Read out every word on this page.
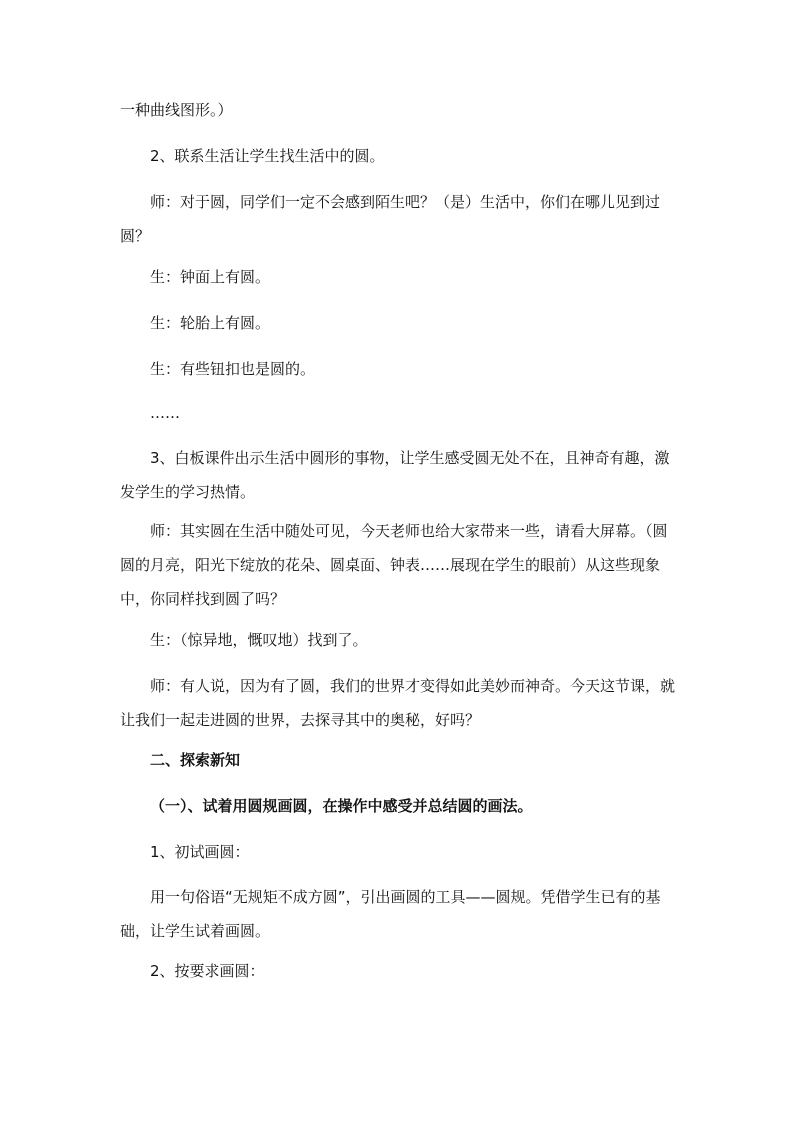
一种曲线图形。）

2、联系生活让学生找生活中的圆。

师：对于圆，同学们一定不会感到陌生吧？（是）生活中，你们在哪儿见到过圆？

生：钟面上有圆。

生：轮胎上有圆。

生：有些钮扣也是圆的。

……

3、白板课件出示生活中圆形的事物，让学生感受圆无处不在，且神奇有趣，激发学生的学习热情。

师：其实圆在生活中随处可见，今天老师也给大家带来一些，请看大屏幕。（圆圆的月亮，阳光下绽放的花朵、圆桌面、钟表……展现在学生的眼前）从这些现象中，你同样找到圆了吗？

生：（惊异地，慨叹地）找到了。

师：有人说，因为有了圆，我们的世界才变得如此美妙而神奇。今天这节课，就让我们一起走进圆的世界，去探寻其中的奥秘，好吗？

二、探索新知

（一）、试着用圆规画圆，在操作中感受并总结圆的画法。

1、初试画圆：

用一句俗语“无规矩不成方圆”，引出画圆的工具——圆规。凭借学生已有的基础，让学生试着画圆。

2、按要求画圆：
